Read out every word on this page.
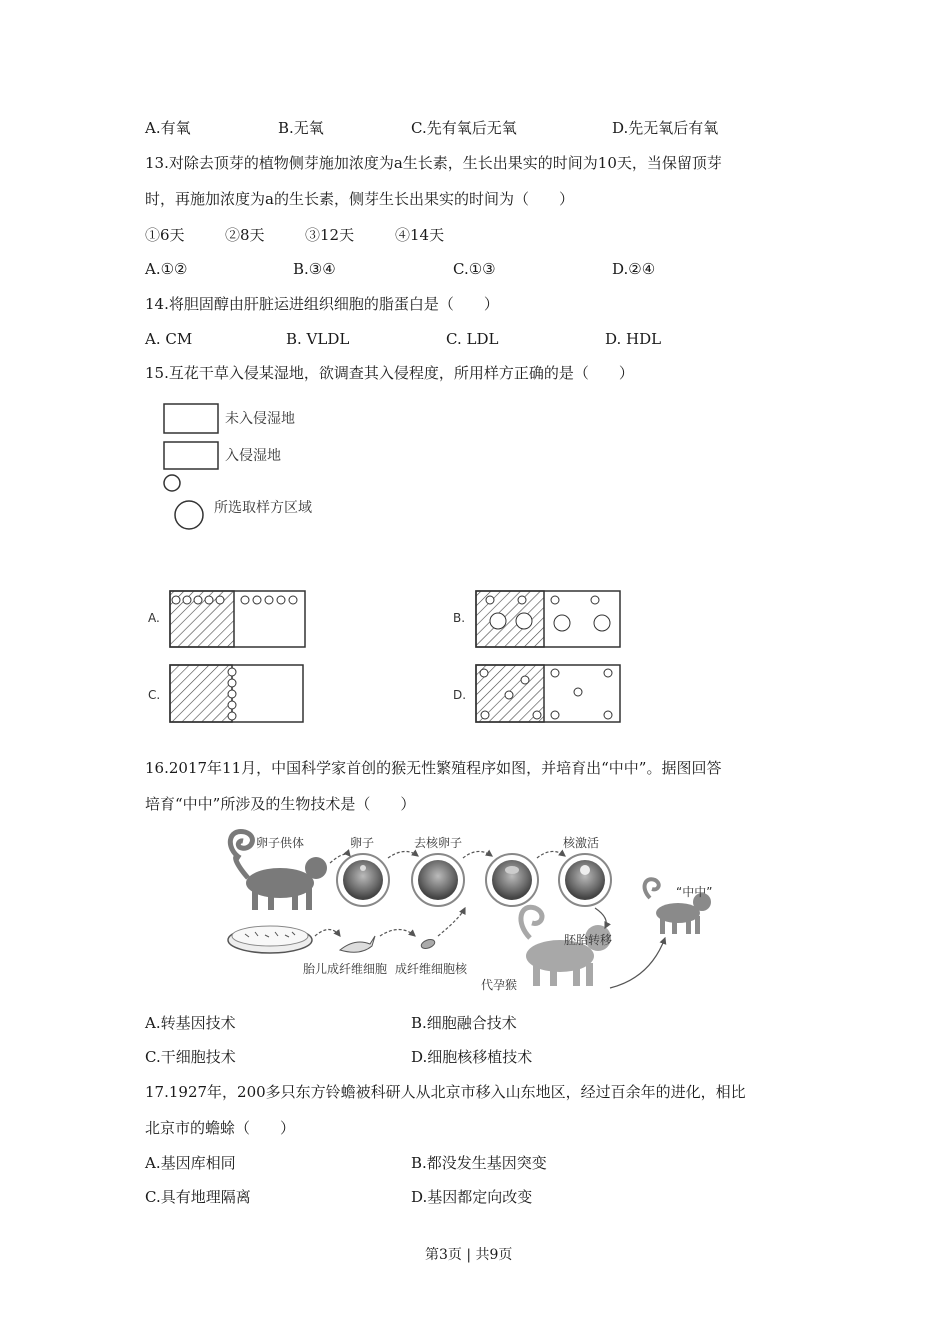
A.有氧	B.无氧	C.先有氧后无氧	D.先无氧后有氧
13.对除去顶芽的植物侧芽施加浓度为a生长素，生长出果实的时间为10天，当保留顶芽
时，再施加浓度为a的生长素，侧芽生长出果实的时间为（　　）
①6天	②8天	③12天	④14天
A.①②	B.③④	C.①③	D.②④
14.将胆固醇由肝脏运进组织细胞的脂蛋白是（　　）
A. CM	B. VLDL	C. LDL	D. HDL
15.互花干草入侵某湿地，欲调查其入侵程度，所用样方正确的是（　　）
未入侵湿地
入侵湿地
所选取样方区域
A.	B.
C.	D.
16.2017年11月，中国科学家首创的猴无性繁殖程序如图，并培育出“中中”。据图回答
培育“中中”所涉及的生物技术是（　　）
卵子供体	卵子	去核卵子	核激活
“中中”
胚胎转移
胎儿成纤维细胞 成纤维细胞核
代孕猴
A.转基因技术	B.细胞融合技术
C.干细胞技术	D.细胞核移植技术
17.1927年，200多只东方铃蟾被科研人从北京市移入山东地区，经过百余年的进化，相比
北京市的蟾蜍（　　）
A.基因库相同	B.都没发生基因突变
C.具有地理隔离	D.基因都定向改变
第3页 | 共9页
